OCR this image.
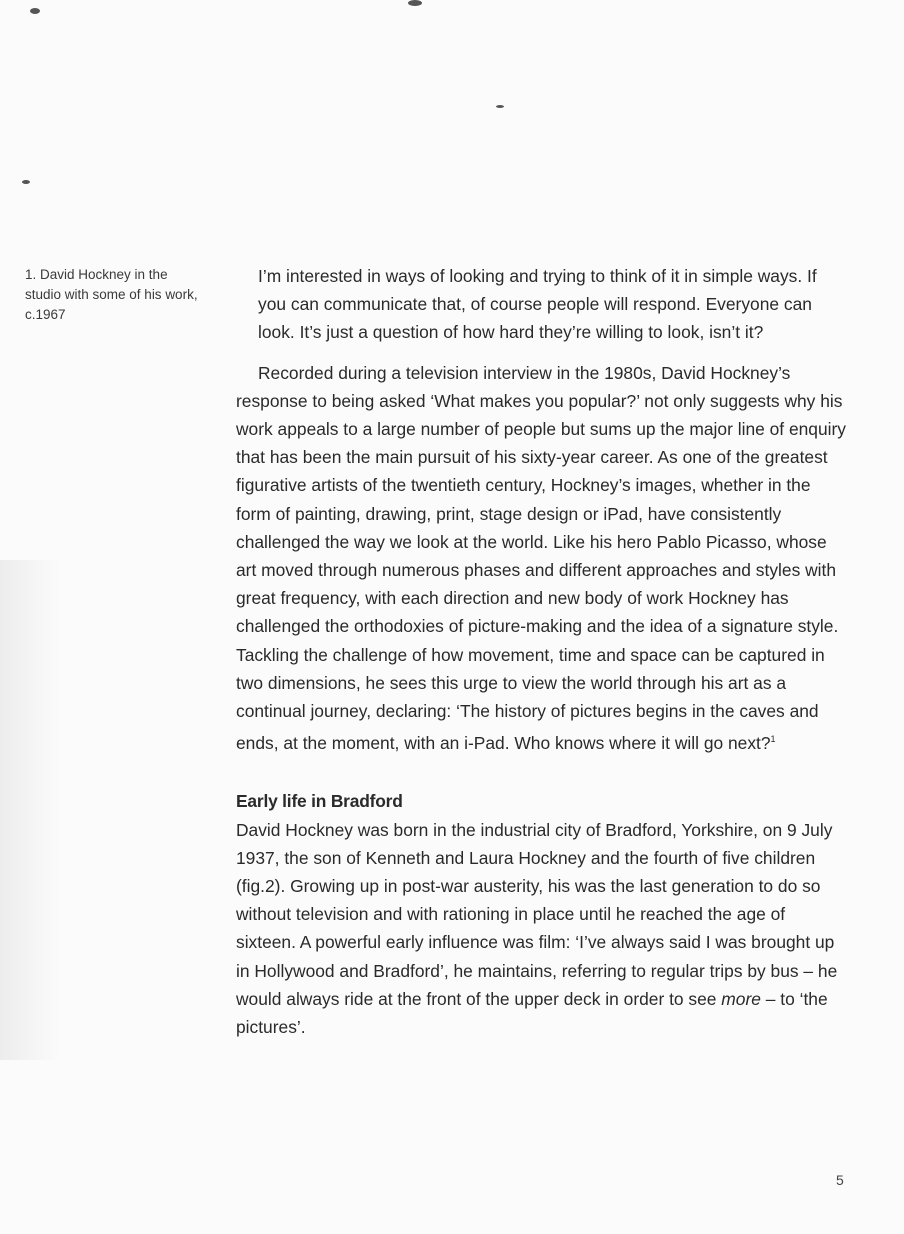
1. David Hockney in the studio with some of his work, c.1967

I’m interested in ways of looking and trying to think of it in simple ways. If you can communicate that, of course people will respond. Everyone can look. It’s just a question of how hard they’re willing to look, isn’t it?

Recorded during a television interview in the 1980s, David Hockney’s response to being asked ‘What makes you popular?’ not only suggests why his work appeals to a large number of people but sums up the major line of enquiry that has been the main pursuit of his sixty-year career. As one of the greatest figurative artists of the twentieth century, Hockney’s images, whether in the form of painting, drawing, print, stage design or iPad, have consistently challenged the way we look at the world. Like his hero Pablo Picasso, whose art moved through numerous phases and different approaches and styles with great frequency, with each direction and new body of work Hockney has challenged the orthodoxies of picture-making and the idea of a signature style. Tackling the challenge of how movement, time and space can be captured in two dimensions, he sees this urge to view the world through his art as a continual journey, declaring: ‘The history of pictures begins in the caves and ends, at the moment, with an i-Pad. Who knows where it will go next?$^1$

Early life in Bradford

David Hockney was born in the industrial city of Bradford, Yorkshire, on 9 July 1937, the son of Kenneth and Laura Hockney and the fourth of five children (fig.2). Growing up in post-war austerity, his was the last generation to do so without television and with rationing in place until he reached the age of sixteen. A powerful early influence was film: ‘I’ve always said I was brought up in Hollywood and Bradford’, he maintains, referring to regular trips by bus – he would always ride at the front of the upper deck in order to see more – to ‘the pictures’.

5
